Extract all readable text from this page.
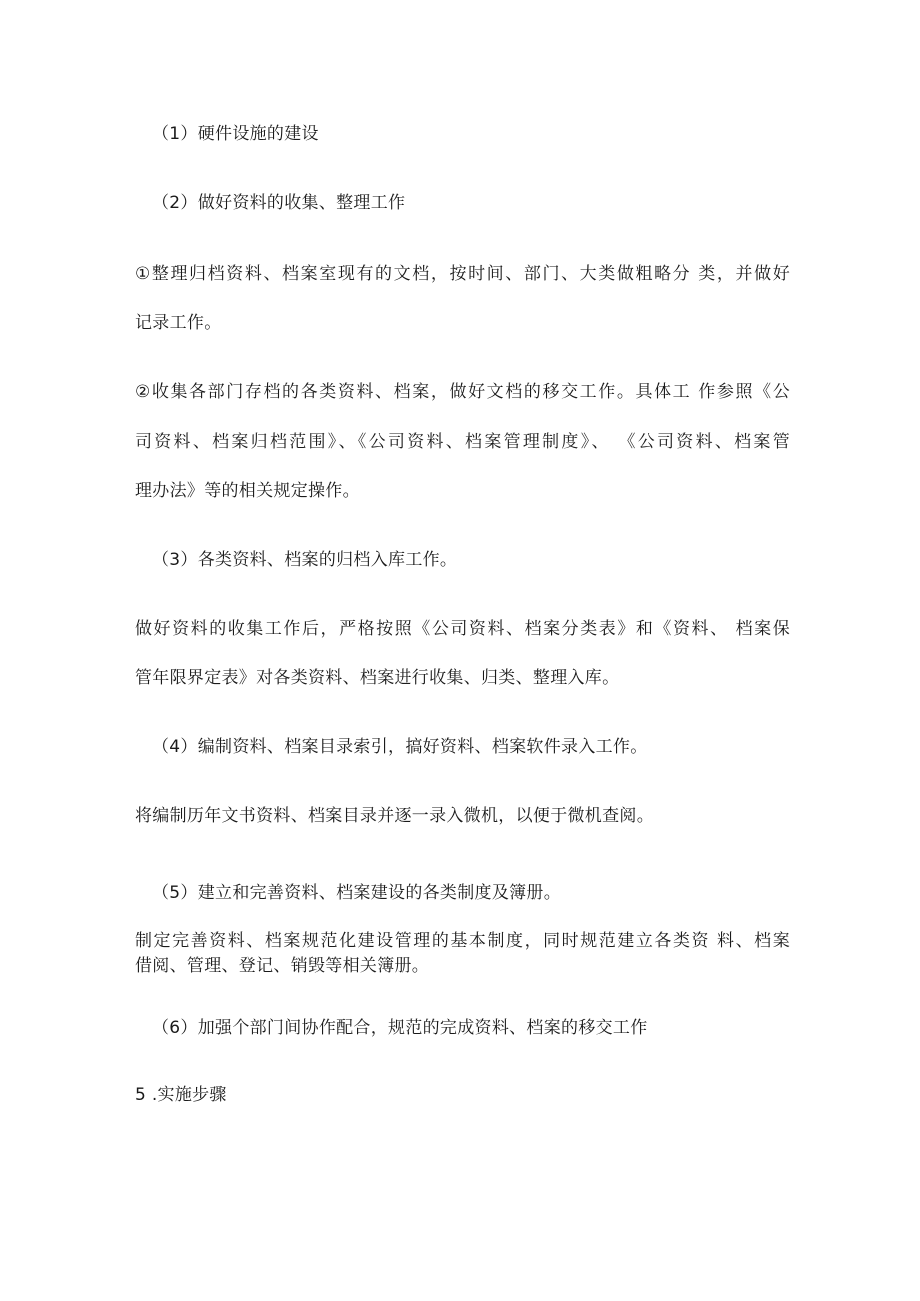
（1）硬件设施的建设
（2）做好资料的收集、整理工作
①整理归档资料、档案室现有的文档，按时间、部门、大类做粗略分 类，并做好
记录工作。
②收集各部门存档的各类资料、档案，做好文档的移交工作。具体工 作参照《公
司资料、档案归档范围》、《公司资料、档案管理制度》、 《公司资料、档案管
理办法》等的相关规定操作。
（3）各类资料、档案的归档入库工作。
做好资料的收集工作后，严格按照《公司资料、档案分类表》和《资料、 档案保
管年限界定表》对各类资料、档案进行收集、归类、整理入库。
（4）编制资料、档案目录索引，搞好资料、档案软件录入工作。
将编制历年文书资料、档案目录并逐一录入微机，以便于微机查阅。
（5）建立和完善资料、档案建设的各类制度及簿册。
制定完善资料、档案规范化建设管理的基本制度，同时规范建立各类资 料、档案
借阅、管理、登记、销毁等相关簿册。
（6）加强个部门间协作配合，规范的完成资料、档案的移交工作
5 .实施步骤
